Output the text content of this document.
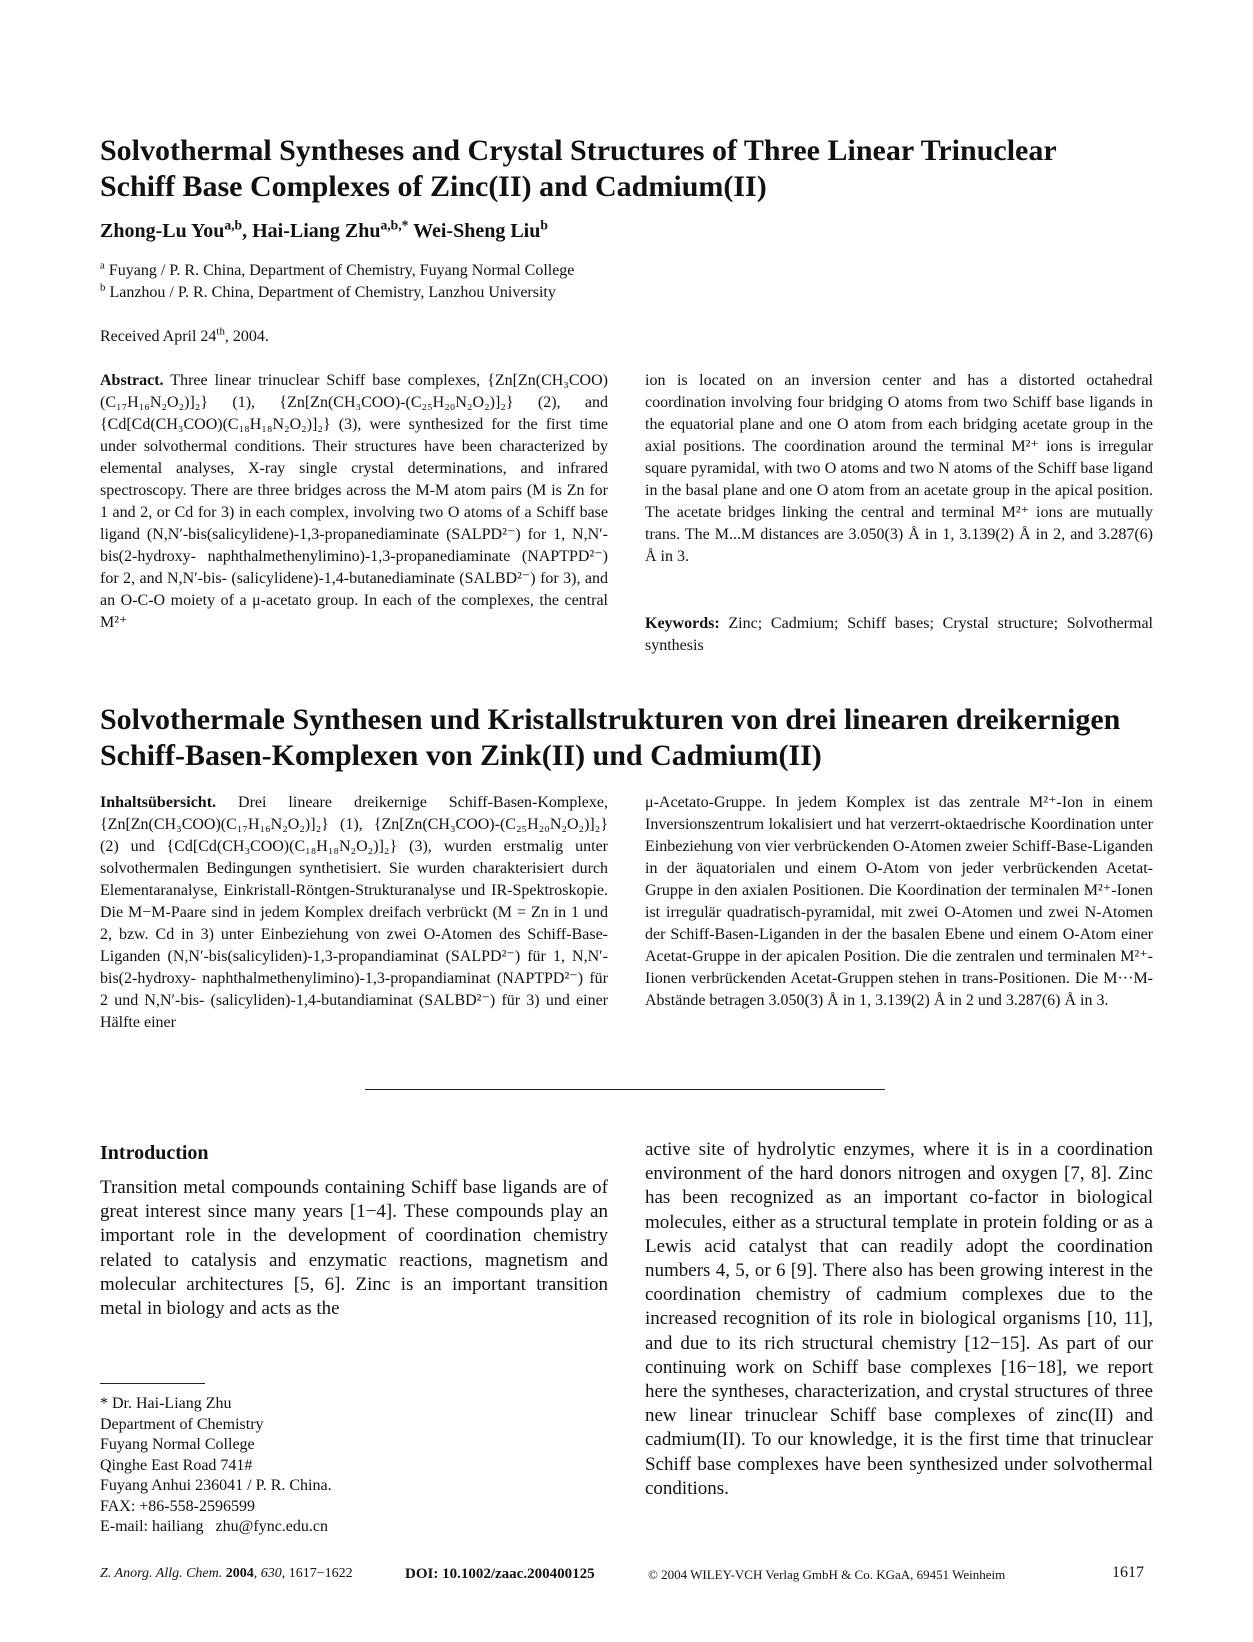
Solvothermal Syntheses and Crystal Structures of Three Linear Trinuclear
Schiff Base Complexes of Zinc(II) and Cadmium(II)
Zhong-Lu You$^{a,b}$, Hai-Liang Zhu$^{a,b,*}$ Wei-Sheng Liu$^b$
$^a$ Fuyang / P. R. China, Department of Chemistry, Fuyang Normal College
$^b$ Lanzhou / P. R. China, Department of Chemistry, Lanzhou University
Received April 24th, 2004.
Abstract. Three linear trinuclear Schiff base complexes, {Zn[Zn(CH₃COO)(C₁₇H₁₆N₂O₂)]₂} (1), {Zn[Zn(CH₃COO)-(C₂₅H₂₀N₂O₂)]₂} (2), and {Cd[Cd(CH₃COO)(C₁₈H₁₈N₂O₂)]₂} (3), were synthesized for the first time under solvothermal conditions. Their structures have been characterized by elemental analyses, X-ray single crystal determinations, and infrared spectroscopy. There are three bridges across the M-M atom pairs (M is Zn for 1 and 2, or Cd for 3) in each complex, involving two O atoms of a Schiff base ligand (N,N′-bis(salicylidene)-1,3-propanediaminate (SALPD²⁻) for 1, N,N′-bis(2-hydroxy- naphthalmethenylimino)-1,3-propanediaminate (NAPTPD²⁻) for 2, and N,N′-bis- (salicylidene)-1,4-butanediaminate (SALBD²⁻) for 3), and an O-C-O moiety of a μ-acetato group. In each of the complexes, the central M²⁺
ion is located on an inversion center and has a distorted octahedral coordination involving four bridging O atoms from two Schiff base ligands in the equatorial plane and one O atom from each bridging acetate group in the axial positions. The coordination around the terminal M²⁺ ions is irregular square pyramidal, with two O atoms and two N atoms of the Schiff base ligand in the basal plane and one O atom from an acetate group in the apical position. The acetate bridges linking the central and terminal M²⁺ ions are mutually trans. The M...M distances are 3.050(3) Å in 1, 3.139(2) Å in 2, and 3.287(6) Å in 3.
Keywords: Zinc; Cadmium; Schiff bases; Crystal structure; Solvothermal synthesis
Solvothermale Synthesen und Kristallstrukturen von drei linearen dreikernigen
Schiff-Basen-Komplexen von Zink(II) und Cadmium(II)
Inhaltsübersicht. Drei lineare dreikernige Schiff-Basen-Komplexe, {Zn[Zn(CH₃COO)(C₁₇H₁₆N₂O₂)]₂} (1), {Zn[Zn(CH₃COO)-(C₂₅H₂₀N₂O₂)]₂} (2) und {Cd[Cd(CH₃COO)(C₁₈H₁₈N₂O₂)]₂} (3), wurden erstmalig unter solvothermalen Bedingungen synthetisiert. Sie wurden charakterisiert durch Elementaranalyse, Einkristall-Röntgen-Strukturanalyse und IR-Spektroskopie. Die M−M-Paare sind in jedem Komplex dreifach verbrückt (M = Zn in 1 und 2, bzw. Cd in 3) unter Einbeziehung von zwei O-Atomen des Schiff-Base-Liganden (N,N′-bis(salicyliden)-1,3-propandiaminat (SALPD²⁻) für 1, N,N′-bis(2-hydroxy- naphthalmethenylimino)-1,3-propandiaminat (NAPTPD²⁻) für 2 und N,N′-bis- (salicyliden)-1,4-butandiaminat (SALBD²⁻) für 3) und einer Hälfte einer
μ-Acetato-Gruppe. In jedem Komplex ist das zentrale M²⁺-Ion in einem Inversionszentrum lokalisiert und hat verzerrt-oktaedrische Koordination unter Einbeziehung von vier verbrückenden O-Atomen zweier Schiff-Base-Liganden in der äquatorialen und einem O-Atom von jeder verbrückenden Acetat-Gruppe in den axialen Positionen. Die Koordination der terminalen M²⁺-Ionen ist irregulär quadratisch-pyramidal, mit zwei O-Atomen und zwei N-Atomen der Schiff-Basen-Liganden in der the basalen Ebene und einem O-Atom einer Acetat-Gruppe in der apicalen Position. Die die zentralen und terminalen M²⁺-Iionen verbrückenden Acetat-Gruppen stehen in trans-Positionen. Die M···M-Abstände betragen 3.050(3) Å in 1, 3.139(2) Å in 2 und 3.287(6) Å in 3.
Introduction
Transition metal compounds containing Schiff base ligands are of great interest since many years [1−4]. These compounds play an important role in the development of coordination chemistry related to catalysis and enzymatic reactions, magnetism and molecular architectures [5, 6]. Zinc is an important transition metal in biology and acts as the
active site of hydrolytic enzymes, where it is in a coordination environment of the hard donors nitrogen and oxygen [7, 8]. Zinc has been recognized as an important co-factor in biological molecules, either as a structural template in protein folding or as a Lewis acid catalyst that can readily adopt the coordination numbers 4, 5, or 6 [9]. There also has been growing interest in the coordination chemistry of cadmium complexes due to the increased recognition of its role in biological organisms [10, 11], and due to its rich structural chemistry [12−15]. As part of our continuing work on Schiff base complexes [16−18], we report here the syntheses, characterization, and crystal structures of three new linear trinuclear Schiff base complexes of zinc(II) and cadmium(II). To our knowledge, it is the first time that trinuclear Schiff base complexes have been synthesized under solvothermal conditions.
* Dr. Hai-Liang Zhu
Department of Chemistry
Fuyang Normal College
Qinghe East Road 741#
Fuyang Anhui 236041 / P. R. China.
FAX: +86-558-2596599
E-mail: hailiang   zhu@fync.edu.cn
Z. Anorg. Allg. Chem. 2004, 630, 1617−1622	DOI: 10.1002/zaac.200400125	© 2004 WILEY-VCH Verlag GmbH & Co. KGaA, 69451 Weinheim	1617
